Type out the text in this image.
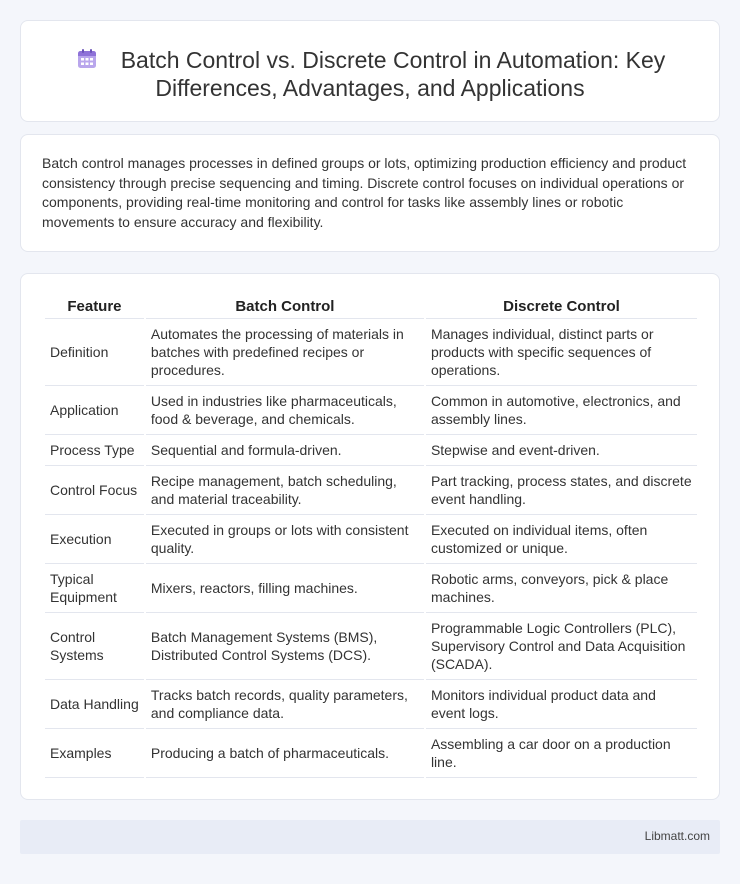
Batch Control vs. Discrete Control in Automation: Key Differences, Advantages, and Applications

Batch control manages processes in defined groups or lots, optimizing production efficiency and product consistency through precise sequencing and timing. Discrete control focuses on individual operations or components, providing real-time monitoring and control for tasks like assembly lines or robotic movements to ensure accuracy and flexibility.

Feature	Batch Control	Discrete Control
Definition	Automates the processing of materials in batches with predefined recipes or procedures.	Manages individual, distinct parts or products with specific sequences of operations.
Application	Used in industries like pharmaceuticals, food & beverage, and chemicals.	Common in automotive, electronics, and assembly lines.
Process Type	Sequential and formula-driven.	Stepwise and event-driven.
Control Focus	Recipe management, batch scheduling, and material traceability.	Part tracking, process states, and discrete event handling.
Execution	Executed in groups or lots with consistent quality.	Executed on individual items, often customized or unique.
Typical Equipment	Mixers, reactors, filling machines.	Robotic arms, conveyors, pick & place machines.
Control Systems	Batch Management Systems (BMS), Distributed Control Systems (DCS).	Programmable Logic Controllers (PLC), Supervisory Control and Data Acquisition (SCADA).
Data Handling	Tracks batch records, quality parameters, and compliance data.	Monitors individual product data and event logs.
Examples	Producing a batch of pharmaceuticals.	Assembling a car door on a production line.
Libmatt.com
